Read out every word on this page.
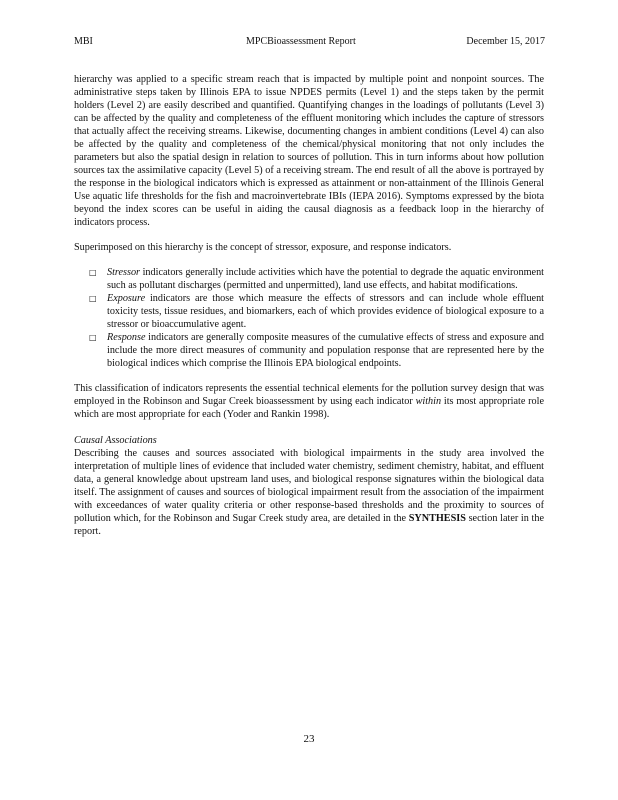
MBI	MPCBioassessment Report	December 15, 2017

hierarchy was applied to a specific stream reach that is impacted by multiple point and nonpoint sources. The administrative steps taken by Illinois EPA to issue NPDES permits (Level 1) and the steps taken by the permit holders (Level 2) are easily described and quantified. Quantifying changes in the loadings of pollutants (Level 3) can be affected by the quality and completeness of the effluent monitoring which includes the capture of stressors that actually affect the receiving streams. Likewise, documenting changes in ambient conditions (Level 4) can also be affected by the quality and completeness of the chemical/physical monitoring that not only includes the parameters but also the spatial design in relation to sources of pollution. This in turn informs about how pollution sources tax the assimilative capacity (Level 5) of a receiving stream. The end result of all the above is portrayed by the response in the biological indicators which is expressed as attainment or non-attainment of the Illinois General Use aquatic life thresholds for the fish and macroinvertebrate IBIs (IEPA 2016). Symptoms expressed by the biota beyond the index scores can be useful in aiding the causal diagnosis as a feedback loop in the hierarchy of indicators process.

Superimposed on this hierarchy is the concept of stressor, exposure, and response indicators.

□ Stressor indicators generally include activities which have the potential to degrade the aquatic environment such as pollutant discharges (permitted and unpermitted), land use effects, and habitat modifications.
□ Exposure indicators are those which measure the effects of stressors and can include whole effluent toxicity tests, tissue residues, and biomarkers, each of which provides evidence of biological exposure to a stressor or bioaccumulative agent.
□ Response indicators are generally composite measures of the cumulative effects of stress and exposure and include the more direct measures of community and population response that are represented here by the biological indices which comprise the Illinois EPA biological endpoints.

This classification of indicators represents the essential technical elements for the pollution survey design that was employed in the Robinson and Sugar Creek bioassessment by using each indicator within its most appropriate role which are most appropriate for each (Yoder and Rankin 1998).

Causal Associations

Describing the causes and sources associated with biological impairments in the study area involved the interpretation of multiple lines of evidence that included water chemistry, sediment chemistry, habitat, and effluent data, a general knowledge about upstream land uses, and biological response signatures within the biological data itself. The assignment of causes and sources of biological impairment result from the association of the impairment with exceedances of water quality criteria or other response-based thresholds and the proximity to sources of pollution which, for the Robinson and Sugar Creek study area, are detailed in the SYNTHESIS section later in the report.

23
